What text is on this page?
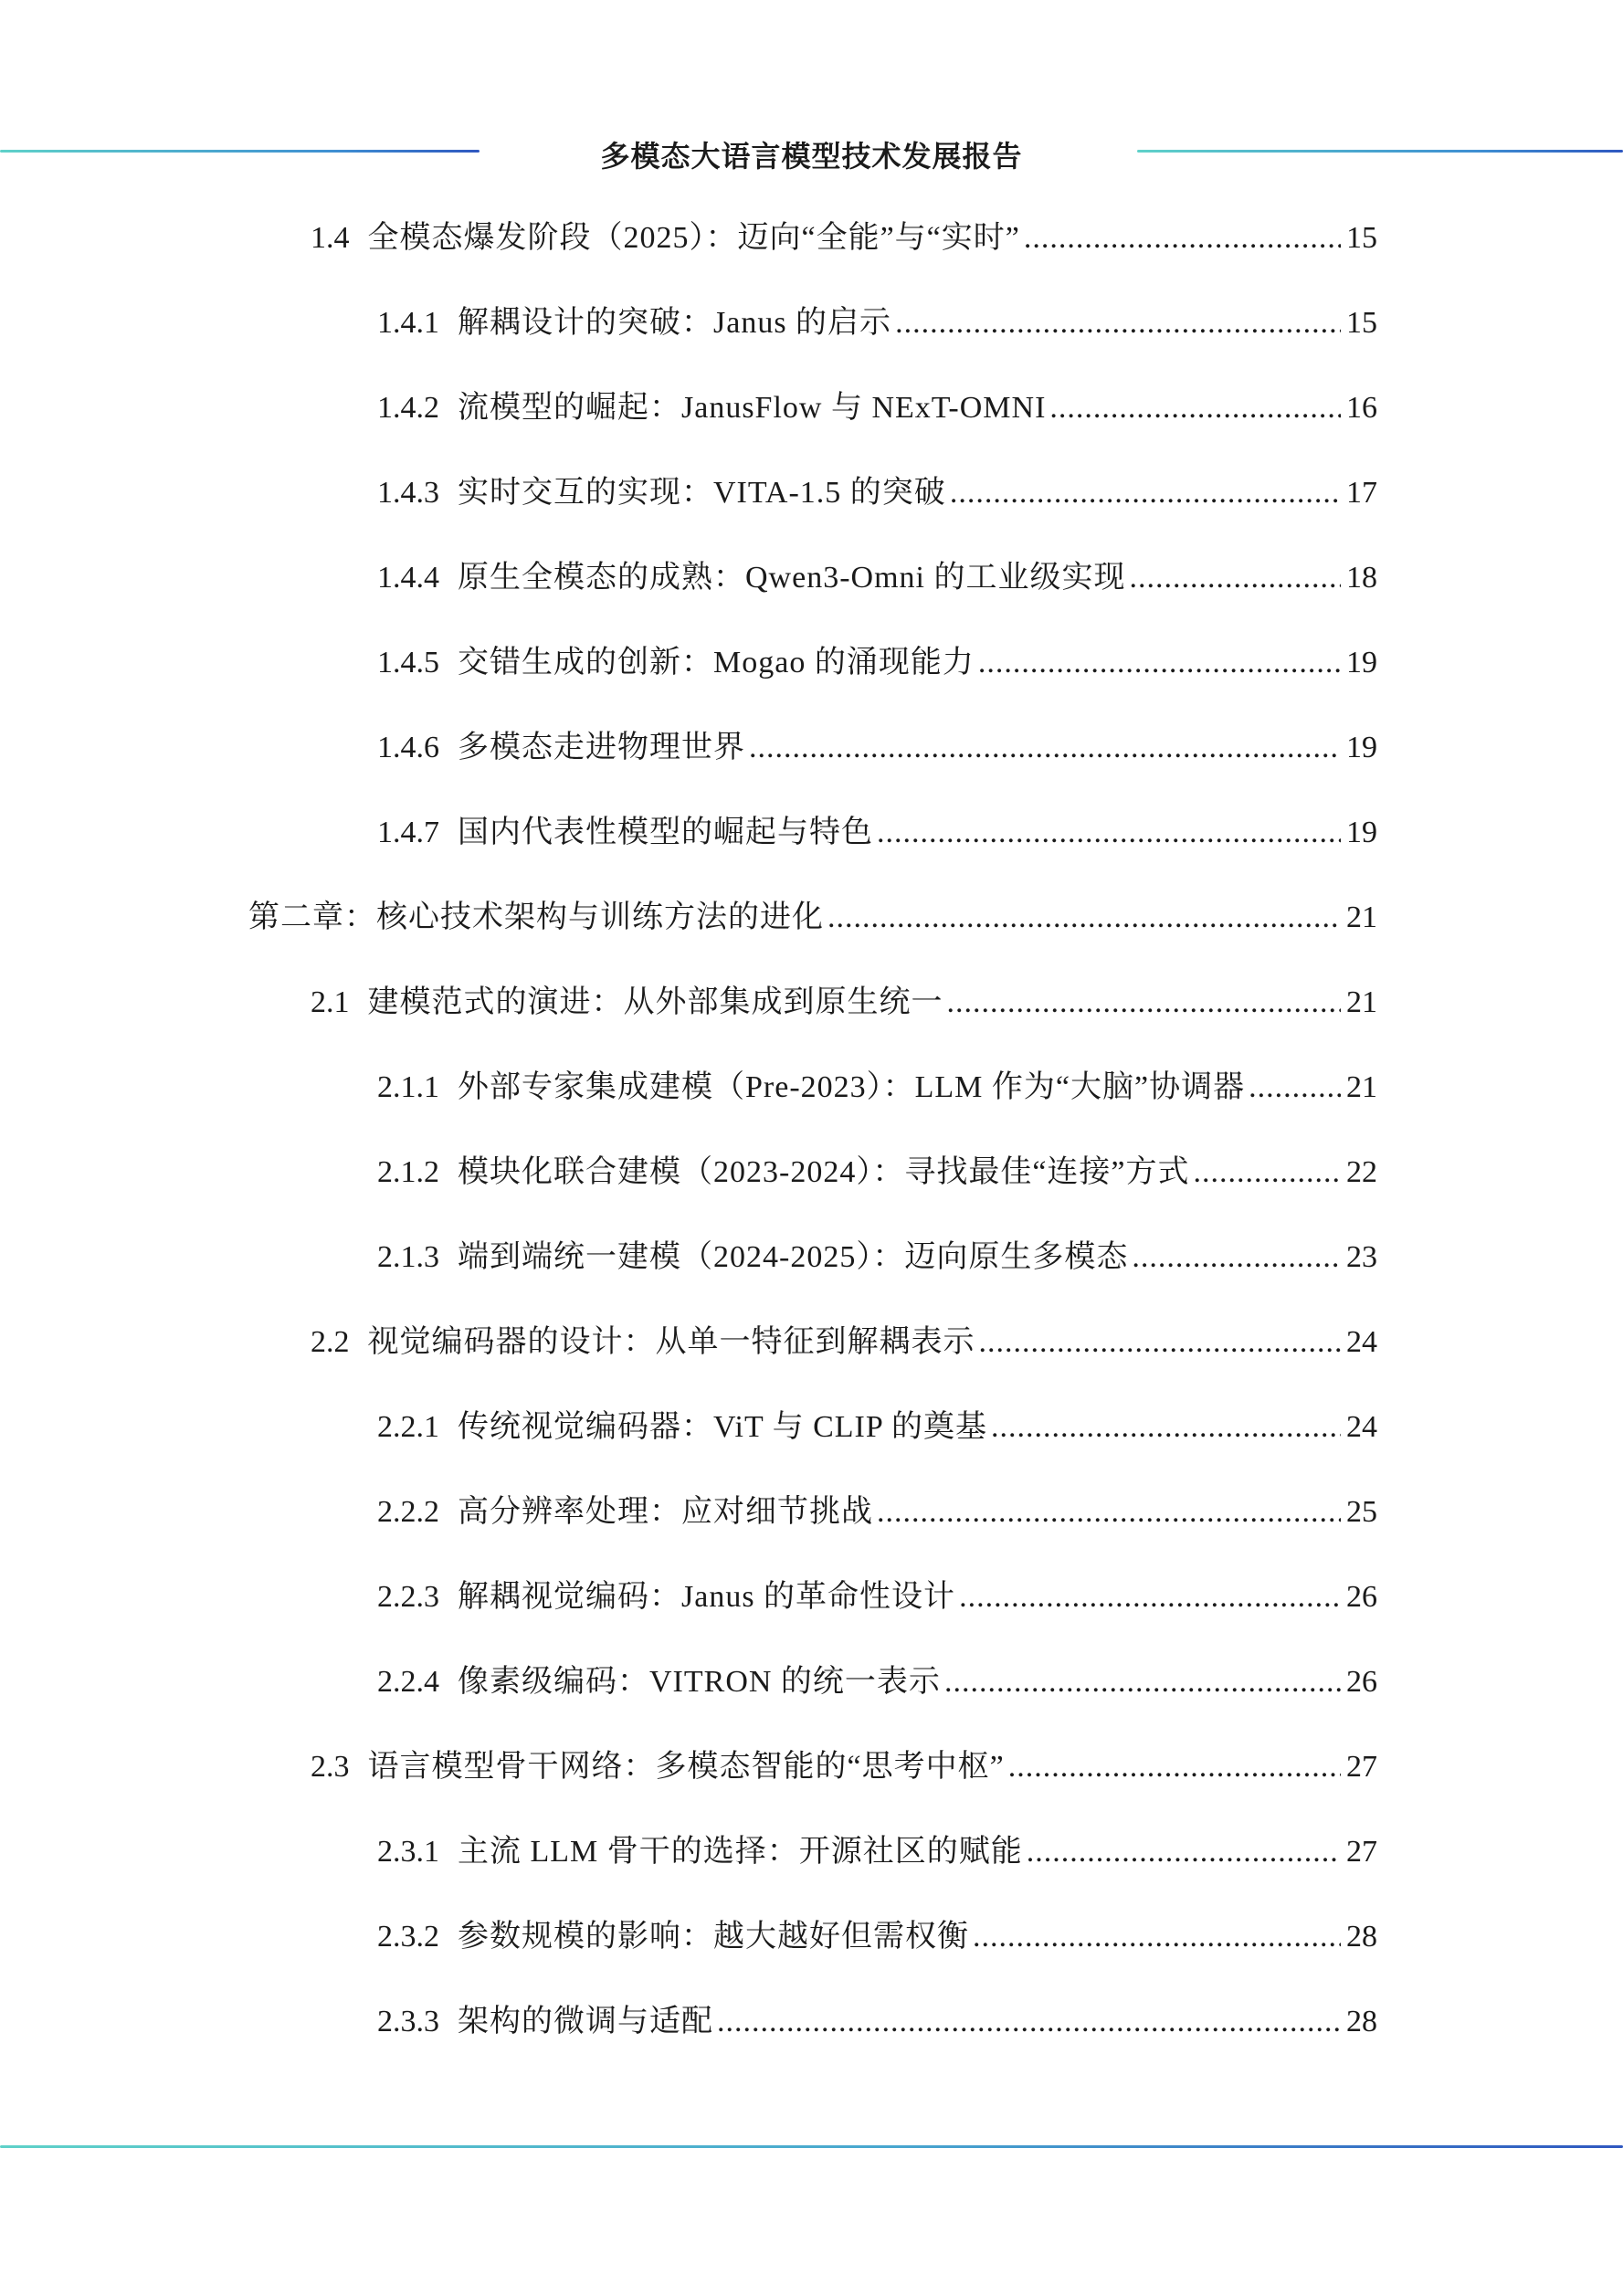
多模态大语言模型技术发展报告
1.4 全模态爆发阶段（2025）：迈向“全能”与“实时” .....	15
1.4.1 解耦设计的突破：Janus 的启示 .....	15
1.4.2 流模型的崛起：JanusFlow 与 NExT-OMNI .....	16
1.4.3 实时交互的实现：VITA-1.5 的突破 .....	17
1.4.4 原生全模态的成熟：Qwen3-Omni 的工业级实现 .....	18
1.4.5 交错生成的创新：Mogao 的涌现能力 .....	19
1.4.6 多模态走进物理世界 .....	19
1.4.7 国内代表性模型的崛起与特色 .....	19
第二章：核心技术架构与训练方法的进化 .....	21
2.1 建模范式的演进：从外部集成到原生统一 .....	21
2.1.1 外部专家集成建模（Pre-2023）：LLM 作为“大脑”协调器 .....	21
2.1.2 模块化联合建模（2023-2024）：寻找最佳“连接”方式 .....	22
2.1.3 端到端统一建模（2024-2025）：迈向原生多模态 .....	23
2.2 视觉编码器的设计：从单一特征到解耦表示 .....	24
2.2.1 传统视觉编码器：ViT 与 CLIP 的奠基 .....	24
2.2.2 高分辨率处理：应对细节挑战 .....	25
2.2.3 解耦视觉编码：Janus 的革命性设计 .....	26
2.2.4 像素级编码：VITRON 的统一表示 .....	26
2.3 语言模型骨干网络：多模态智能的“思考中枢” .....	27
2.3.1 主流 LLM 骨干的选择：开源社区的赋能 .....	27
2.3.2 参数规模的影响：越大越好但需权衡 .....	28
2.3.3 架构的微调与适配 .....	28
